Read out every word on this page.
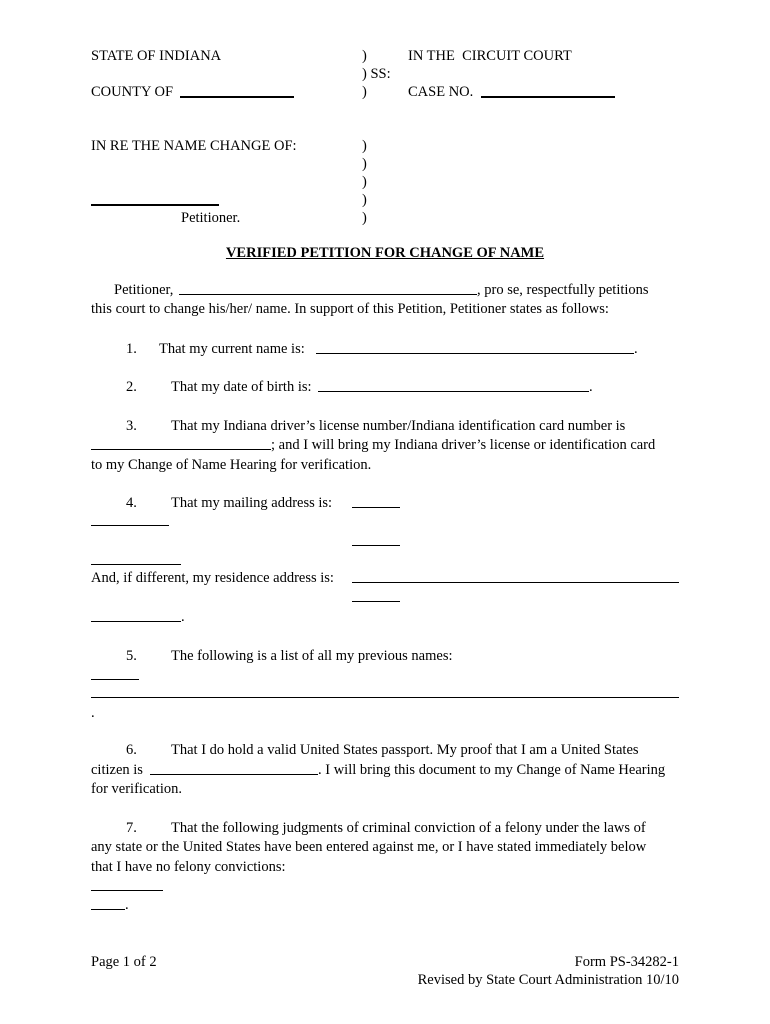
STATE OF INDIANA	)	IN THE  CIRCUIT COURT
) SS:
COUNTY OF	)	CASE NO.
IN RE THE NAME CHANGE OF:	)
)
)
)
Petitioner.	)
VERIFIED PETITION FOR CHANGE OF NAME
Petitioner,	, pro se, respectfully petitions
this court to change his/her/ name. In support of this Petition, Petitioner states as follows:
1. That my current name is:	.
2. That my date of birth is:	.
3. That my Indiana driver’s license number/Indiana identification card number is
; and I will bring my Indiana driver’s license or identification card
to my Change of Name Hearing for verification.
4. That my mailing address is:
And, if different, my residence address is:
.
5. The following is a list of all my previous names:
.
6. That I do hold a valid United States passport. My proof that I am a United States
citizen is	. I will bring this document to my Change of Name Hearing
for verification.
7. That the following judgments of criminal conviction of a felony under the laws of
any state or the United States have been entered against me, or I have stated immediately below
that I have no felony convictions:
.
Page 1 of 2	Form PS-34282-1
Revised by State Court Administration 10/10
